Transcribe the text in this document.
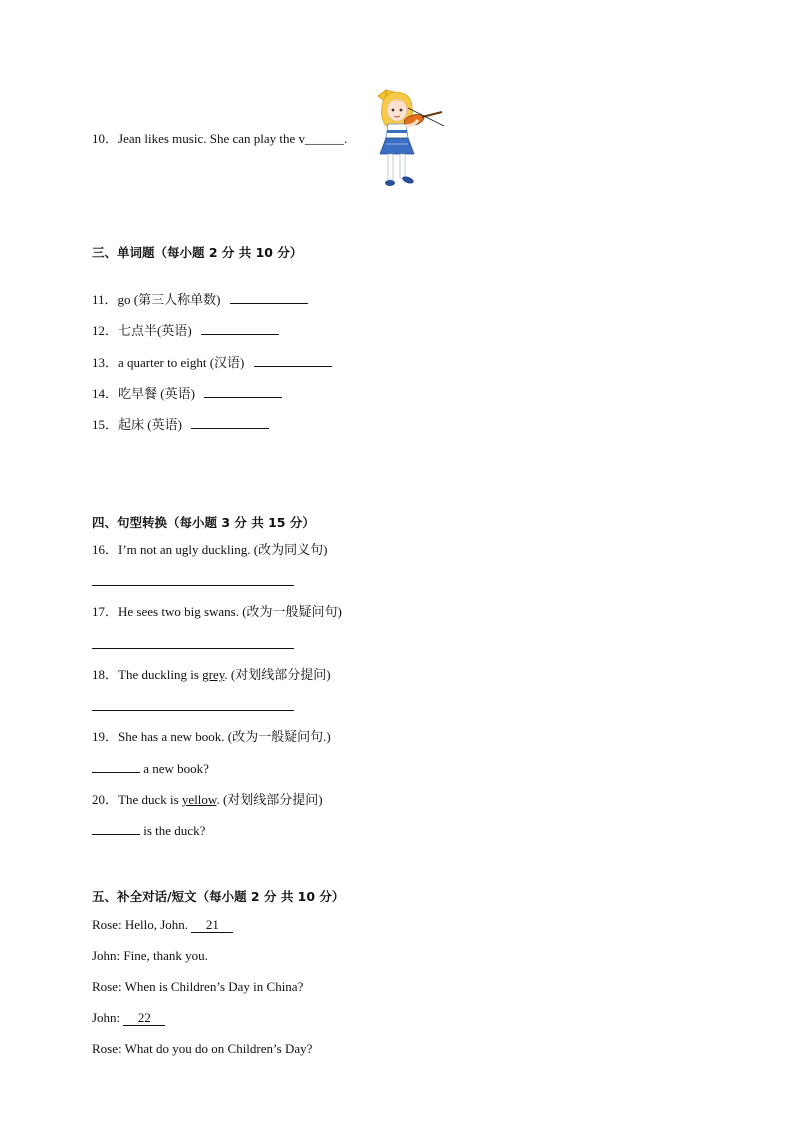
10．Jean likes music. She can play the v______.
三、单词题（每小题 2 分 共 10 分）
11．go (第三人称单数)
12．七点半(英语)
13．a quarter to eight (汉语)
14．吃早餐 (英语)
15．起床 (英语)
四、句型转换（每小题 3 分 共 15 分）
16．I’m not an ugly duckling. (改为同义句)
17．He sees two big swans. (改为一般疑问句)
18．The duckling is grey. (对划线部分提问)
19．She has a new book. (改为一般疑问句.)
a new book?
20．The duck is yellow. (对划线部分提问)
is the duck?
五、补全对话/短文（每小题 2 分 共 10 分）
Rose: Hello, John. 21
John: Fine, thank you.
Rose: When is Children’s Day in China?
John: 22
Rose: What do you do on Children’s Day?
